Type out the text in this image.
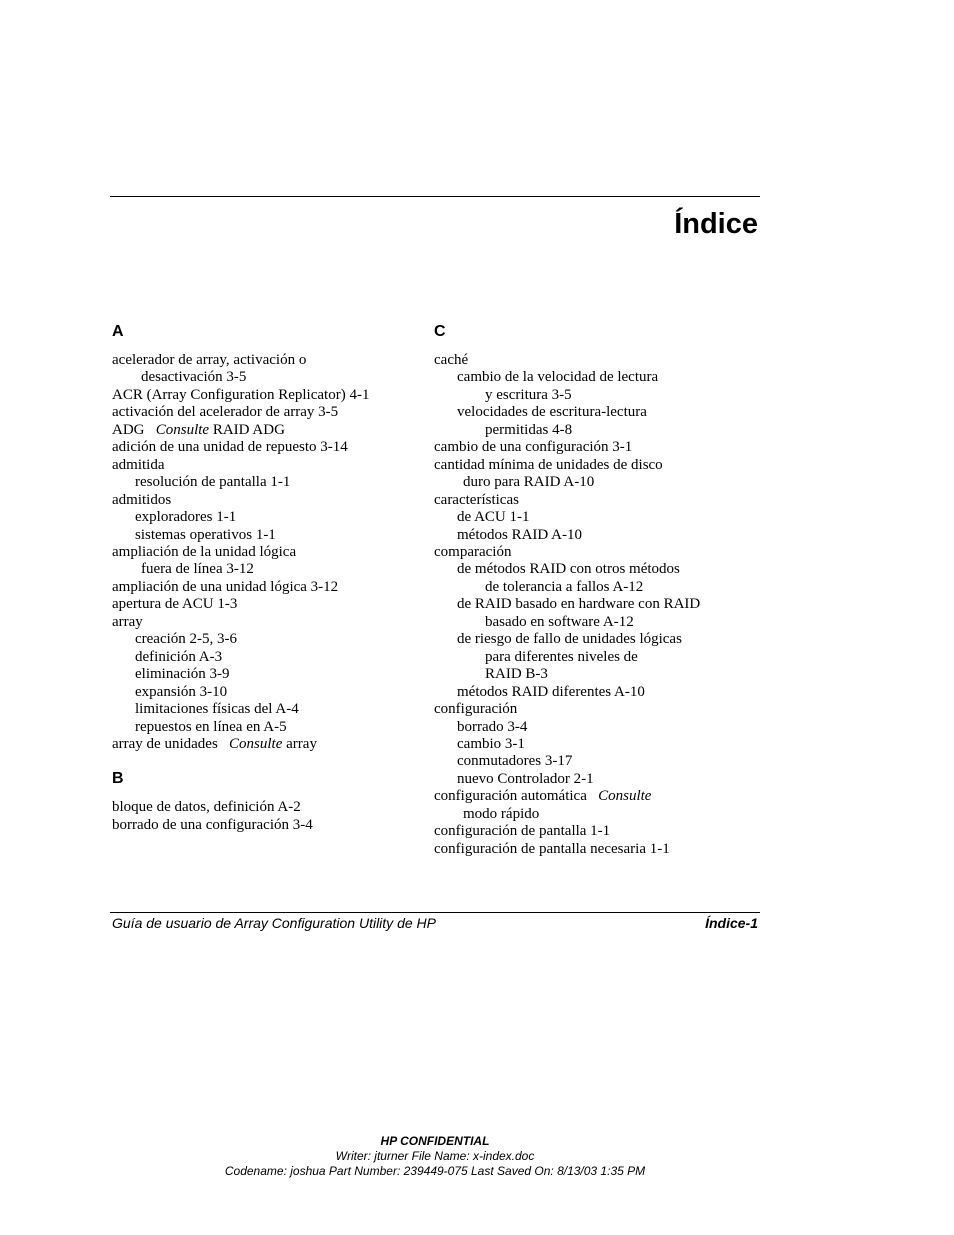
Índice
A
acelerador de array, activación o
desactivación 3-5
ACR (Array Configuration Replicator) 4-1
activación del acelerador de array 3-5
ADG Consulte RAID ADG
adición de una unidad de repuesto 3-14
admitida
resolución de pantalla 1-1
admitidos
exploradores 1-1
sistemas operativos 1-1
ampliación de la unidad lógica
fuera de línea 3-12
ampliación de una unidad lógica 3-12
apertura de ACU 1-3
array
creación 2-5, 3-6
definición A-3
eliminación 3-9
expansión 3-10
limitaciones físicas del A-4
repuestos en línea en A-5
array de unidades Consulte array
B
bloque de datos, definición A-2
borrado de una configuración 3-4
C
caché
cambio de la velocidad de lectura
y escritura 3-5
velocidades de escritura-lectura
permitidas 4-8
cambio de una configuración 3-1
cantidad mínima de unidades de disco
duro para RAID A-10
características
de ACU 1-1
métodos RAID A-10
comparación
de métodos RAID con otros métodos
de tolerancia a fallos A-12
de RAID basado en hardware con RAID
basado en software A-12
de riesgo de fallo de unidades lógicas
para diferentes niveles de
RAID B-3
métodos RAID diferentes A-10
configuración
borrado 3-4
cambio 3-1
conmutadores 3-17
nuevo Controlador 2-1
configuración automática Consulte
modo rápido
configuración de pantalla 1-1
configuración de pantalla necesaria 1-1
Guía de usuario de Array Configuration Utility de HP	Índice-1
HP CONFIDENTIAL
Writer: jturner File Name: x-index.doc
Codename: joshua Part Number: 239449-075 Last Saved On: 8/13/03 1:35 PM
